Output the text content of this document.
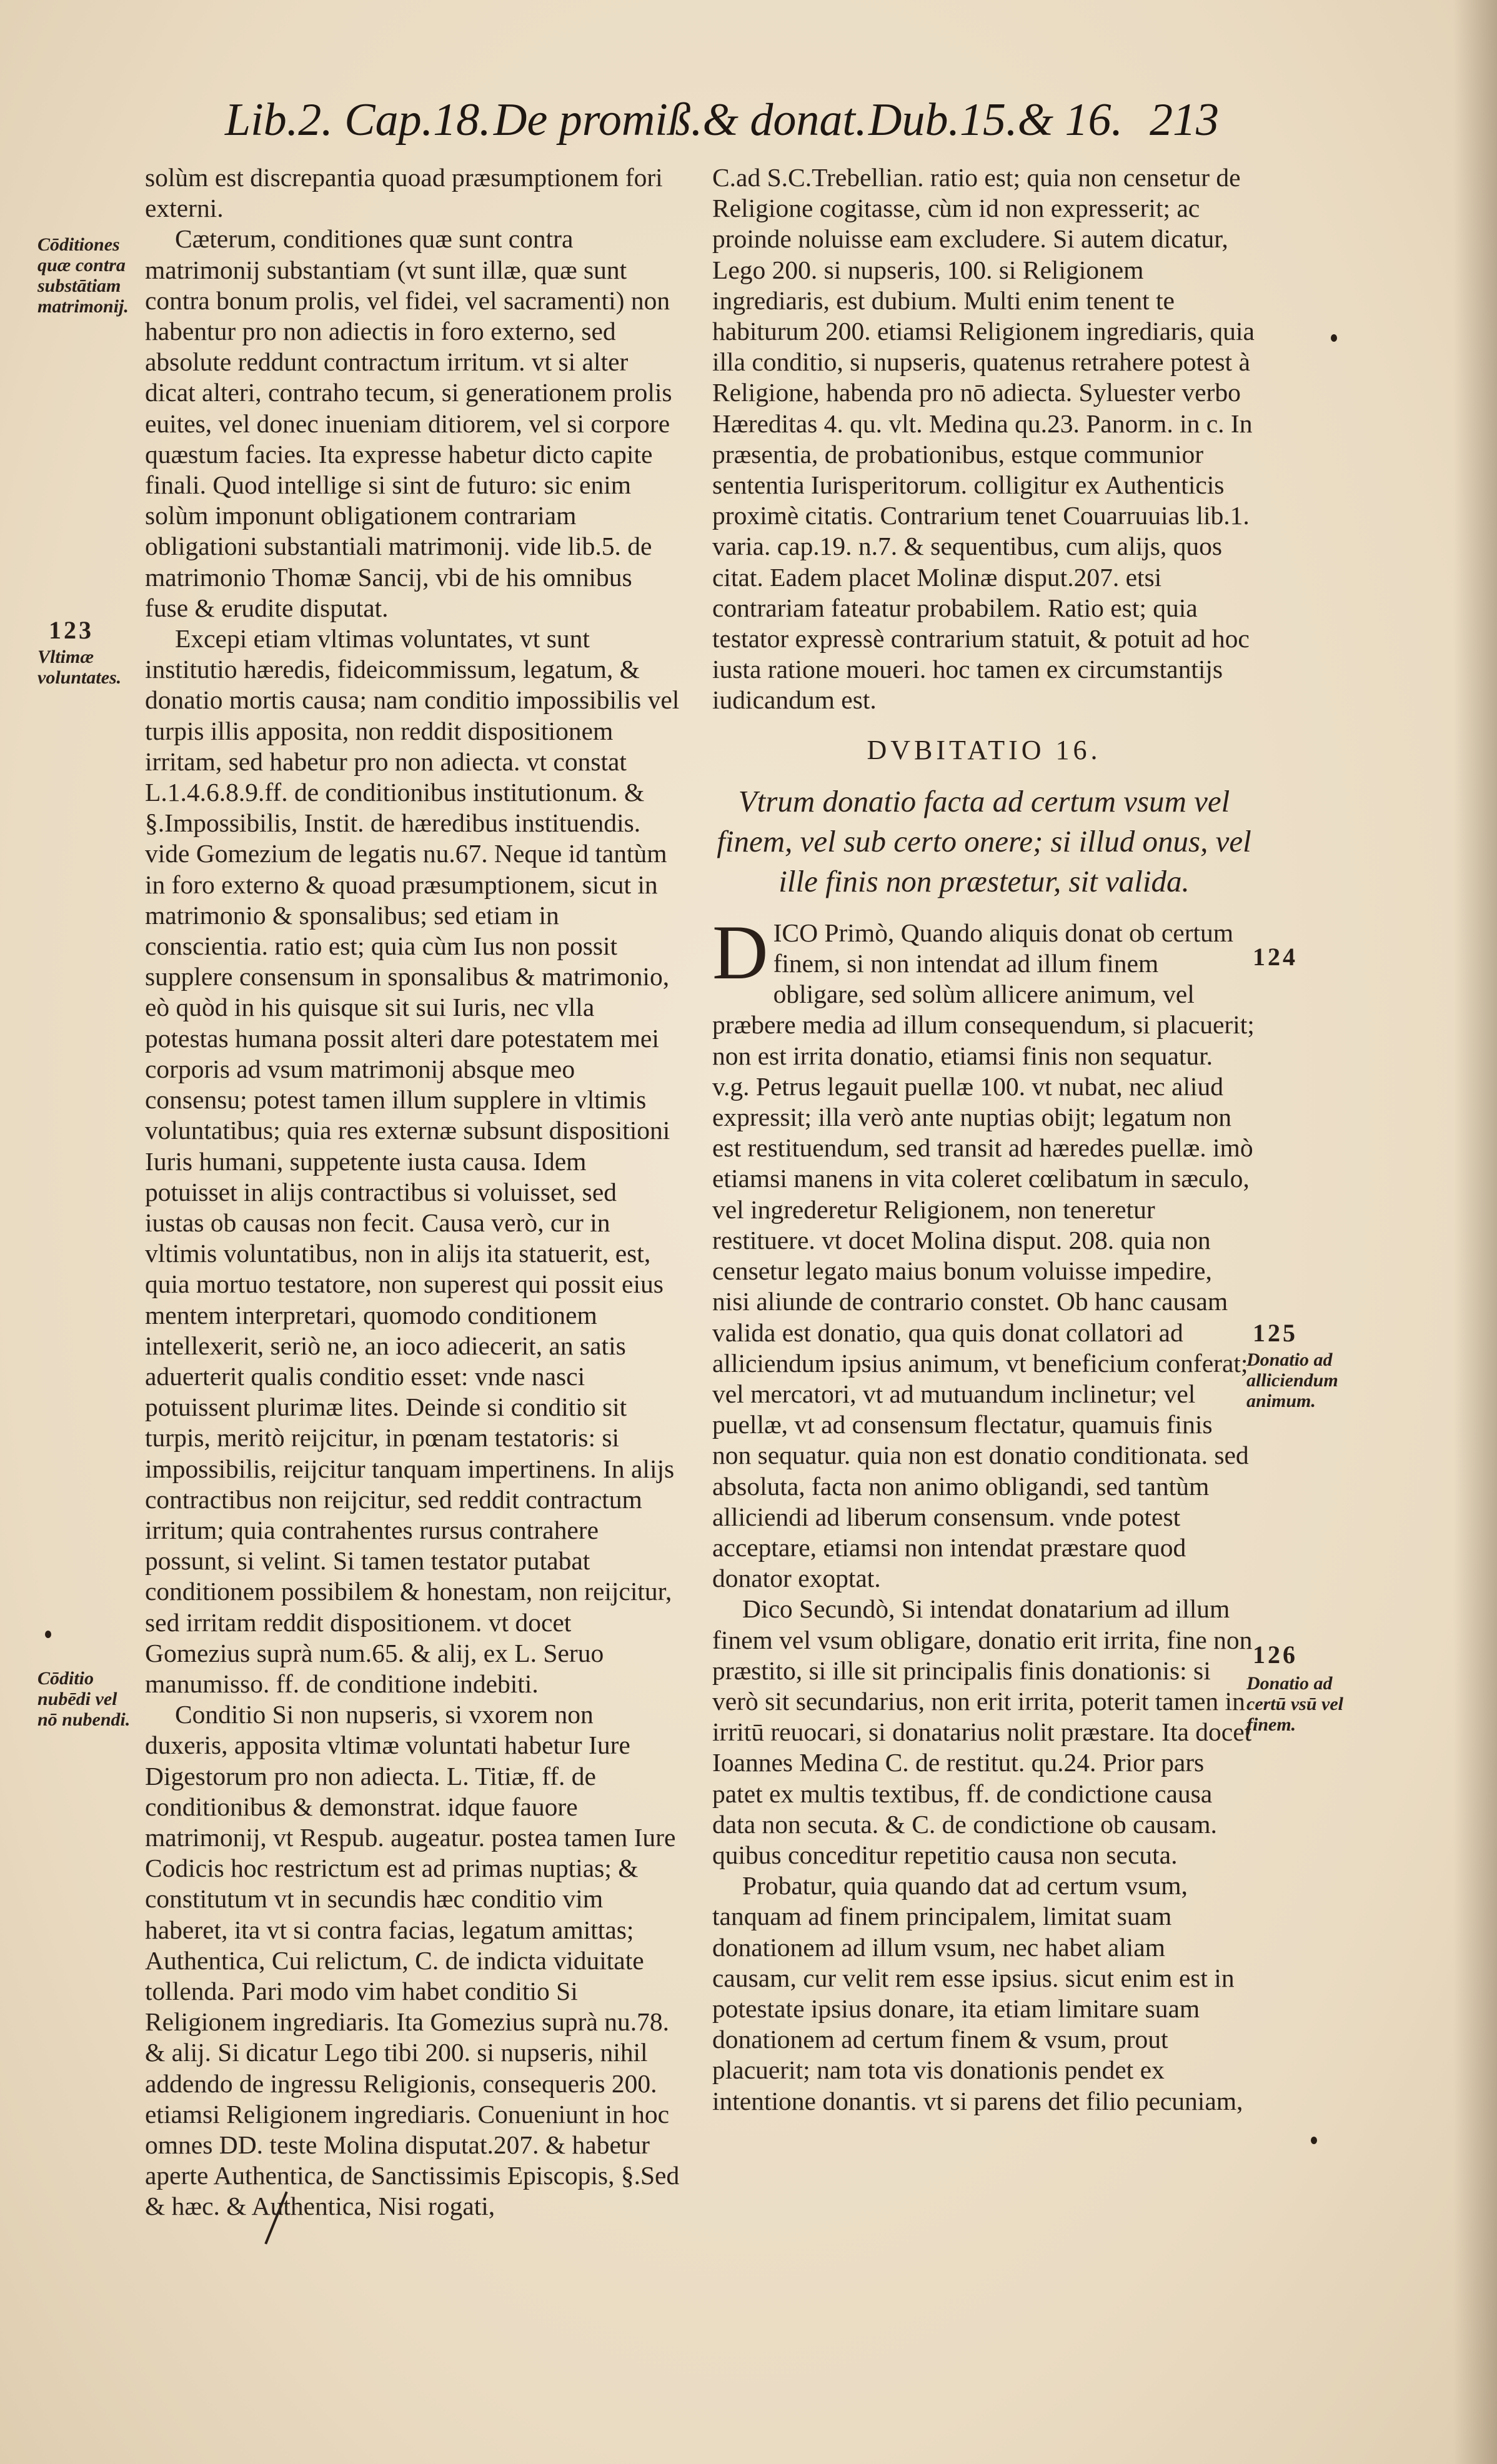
Lib.2. Cap.18. De promiß.& donat. Dub.15.& 16. 213

solùm est discrepantia quoad præsumptionem fori externi.

Cæterum, conditiones quæ sunt contra matrimonij substantiam (vt sunt illæ, quæ sunt contra bonum prolis, vel fidei, vel sacramenti) non habentur pro non adiectis in foro externo, sed absolute reddunt contractum irritum. vt si alter dicat alteri, contraho tecum, si generationem prolis euites, vel donec inueniam ditiorem, vel si corpore quæstum facies. Ita expresse habetur dicto capite finali. Quod intellige si sint de futuro: sic enim solùm imponunt obligationem contrariam obligationi substantiali matrimonij. vide lib.5. de matrimonio Thomæ Sancij, vbi de his omnibus fuse & erudite disputat.

Excepi etiam vltimas voluntates, vt sunt institutio hæredis, fideicommissum, legatum, & donatio mortis causa; nam conditio impossibilis vel turpis illis apposita, non reddit dispositionem irritam, sed habetur pro non adiecta. vt constat L.1.4.6.8.9.ff. de conditionibus institutionum. & §.Impossibilis, Instit. de hæredibus instituendis. vide Gomezium de legatis nu.67. Neque id tantùm in foro externo & quoad præsumptionem, sicut in matrimonio & sponsalibus; sed etiam in conscientia. ratio est; quia cùm Ius non possit supplere consensum in sponsalibus & matrimonio, eò quòd in his quisque sit sui Iuris, nec vlla potestas humana possit alteri dare potestatem mei corporis ad vsum matrimonij absque meo consensu; potest tamen illum supplere in vltimis voluntatibus; quia res externæ subsunt dispositioni Iuris humani, suppetente iusta causa. Idem potuisset in alijs contractibus si voluisset, sed iustas ob causas non fecit. Causa verò, cur in vltimis voluntatibus, non in alijs ita statuerit, est, quia mortuo testatore, non superest qui possit eius mentem interpretari, quomodo conditionem intellexerit, seriò ne, an ioco adiecerit, an satis aduerterit qualis conditio esset: vnde nasci potuissent plurimæ lites. Deinde si conditio sit turpis, meritò reijcitur, in pœnam testatoris: si impossibilis, reijcitur tanquam impertinens. In alijs contractibus non reijcitur, sed reddit contractum irritum; quia contrahentes rursus contrahere possunt, si velint. Si tamen testator putabat conditionem possibilem & honestam, non reijcitur, sed irritam reddit dispositionem. vt docet Gomezius suprà num.65. & alij, ex L. Seruo manumisso. ff. de conditione indebiti.

Conditio Si non nupseris, si vxorem non duxeris, apposita vltimæ voluntati habetur Iure Digestorum pro non adiecta. L. Titiæ, ff. de conditionibus & demonstrat. idque fauore matrimonij, vt Respub. augeatur. postea tamen Iure Codicis hoc restrictum est ad primas nuptias; & constitutum vt in secundis hæc conditio vim haberet, ita vt si contra facias, legatum amittas; Authentica, Cui relictum, C. de indicta viduitate tollenda. Pari modo vim habet conditio Si Religionem ingrediaris. Ita Gomezius suprà nu.78. & alij. Si dicatur Lego tibi 200. si nupseris, nihil addendo de ingressu Religionis, consequeris 200. etiamsi Religionem ingrediaris. Conueniunt in hoc omnes DD. teste Molina disputat.207. & habetur aperte Authentica, de Sanctissimis Episcopis, §.Sed & hæc. & Authentica, Nisi rogati,

C.ad S.C.Trebellian. ratio est; quia non censetur de Religione cogitasse, cùm id non expresserit; ac proinde noluisse eam excludere. Si autem dicatur, Lego 200. si nupseris, 100. si Religionem ingrediaris, est dubium. Multi enim tenent te habiturum 200. etiamsi Religionem ingrediaris, quia illa conditio, si nupseris, quatenus retrahere potest à Religione, habenda pro nō adiecta. Syluester verbo Hæreditas 4. qu. vlt. Medina qu.23. Panorm. in c. In præsentia, de probationibus, estque communior sententia Iurisperitorum. colligitur ex Authenticis proximè citatis. Contrarium tenet Couarruuias lib.1. varia. cap.19. n.7. & sequentibus, cum alijs, quos citat. Eadem placet Molinæ disput.207. etsi contrariam fateatur probabilem. Ratio est; quia testator expressè contrarium statuit, & potuit ad hoc iusta ratione moueri. hoc tamen ex circumstantijs iudicandum est.

DVBITATIO 16.

Vtrum donatio facta ad certum vsum vel finem, vel sub certo onere; si illud onus, vel ille finis non præstetur, sit valida.

D ICO Primò, Quando aliquis donat ob certum finem, si non intendat ad illum finem obligare, sed solùm allicere animum, vel præbere media ad illum consequendum, si placuerit; non est irrita donatio, etiamsi finis non sequatur. v.g. Petrus legauit puellæ 100. vt nubat, nec aliud expressit; illa verò ante nuptias obijt; legatum non est restituendum, sed transit ad hæredes puellæ. imò etiamsi manens in vita coleret cœlibatum in sæculo, vel ingrederetur Religionem, non teneretur restituere. vt docet Molina disput. 208. quia non censetur legato maius bonum voluisse impedire, nisi aliunde de contrario constet. Ob hanc causam valida est donatio, qua quis donat collatori ad alliciendum ipsius animum, vt beneficium conferat; vel mercatori, vt ad mutuandum inclinetur; vel puellæ, vt ad consensum flectatur, quamuis finis non sequatur. quia non est donatio conditionata. sed absoluta, facta non animo obligandi, sed tantùm alliciendi ad liberum consensum. vnde potest acceptare, etiamsi non intendat præstare quod donator exoptat.

Dico Secundò, Si intendat donatarium ad illum finem vel vsum obligare, donatio erit irrita, fine non præstito, si ille sit principalis finis donationis: si verò sit secundarius, non erit irrita, poterit tamen in irritū reuocari, si donatarius nolit præstare. Ita docet Ioannes Medina C. de restitut. qu.24. Prior pars patet ex multis textibus, ff. de condictione causa data non secuta. & C. de condictione ob causam. quibus conceditur repetitio causa non secuta.

Probatur, quia quando dat ad certum vsum, tanquam ad finem principalem, limitat suam donationem ad illum vsum, nec habet aliam causam, cur velit rem esse ipsius. sicut enim est in potestate ipsius donare, ita etiam limitare suam donationem ad certum finem & vsum, prout placuerit; nam tota vis donationis pendet ex intentione donantis. vt si parens det filio pecuniam,

Cōditiones quæ contra substātiam matrimonij.

123

Vltimæ voluntates.

Cōditio nubēdi vel nō nubendi.

124
125

Donatio ad alliciendum animum.

126

Donatio ad certū vsū vel finem.
